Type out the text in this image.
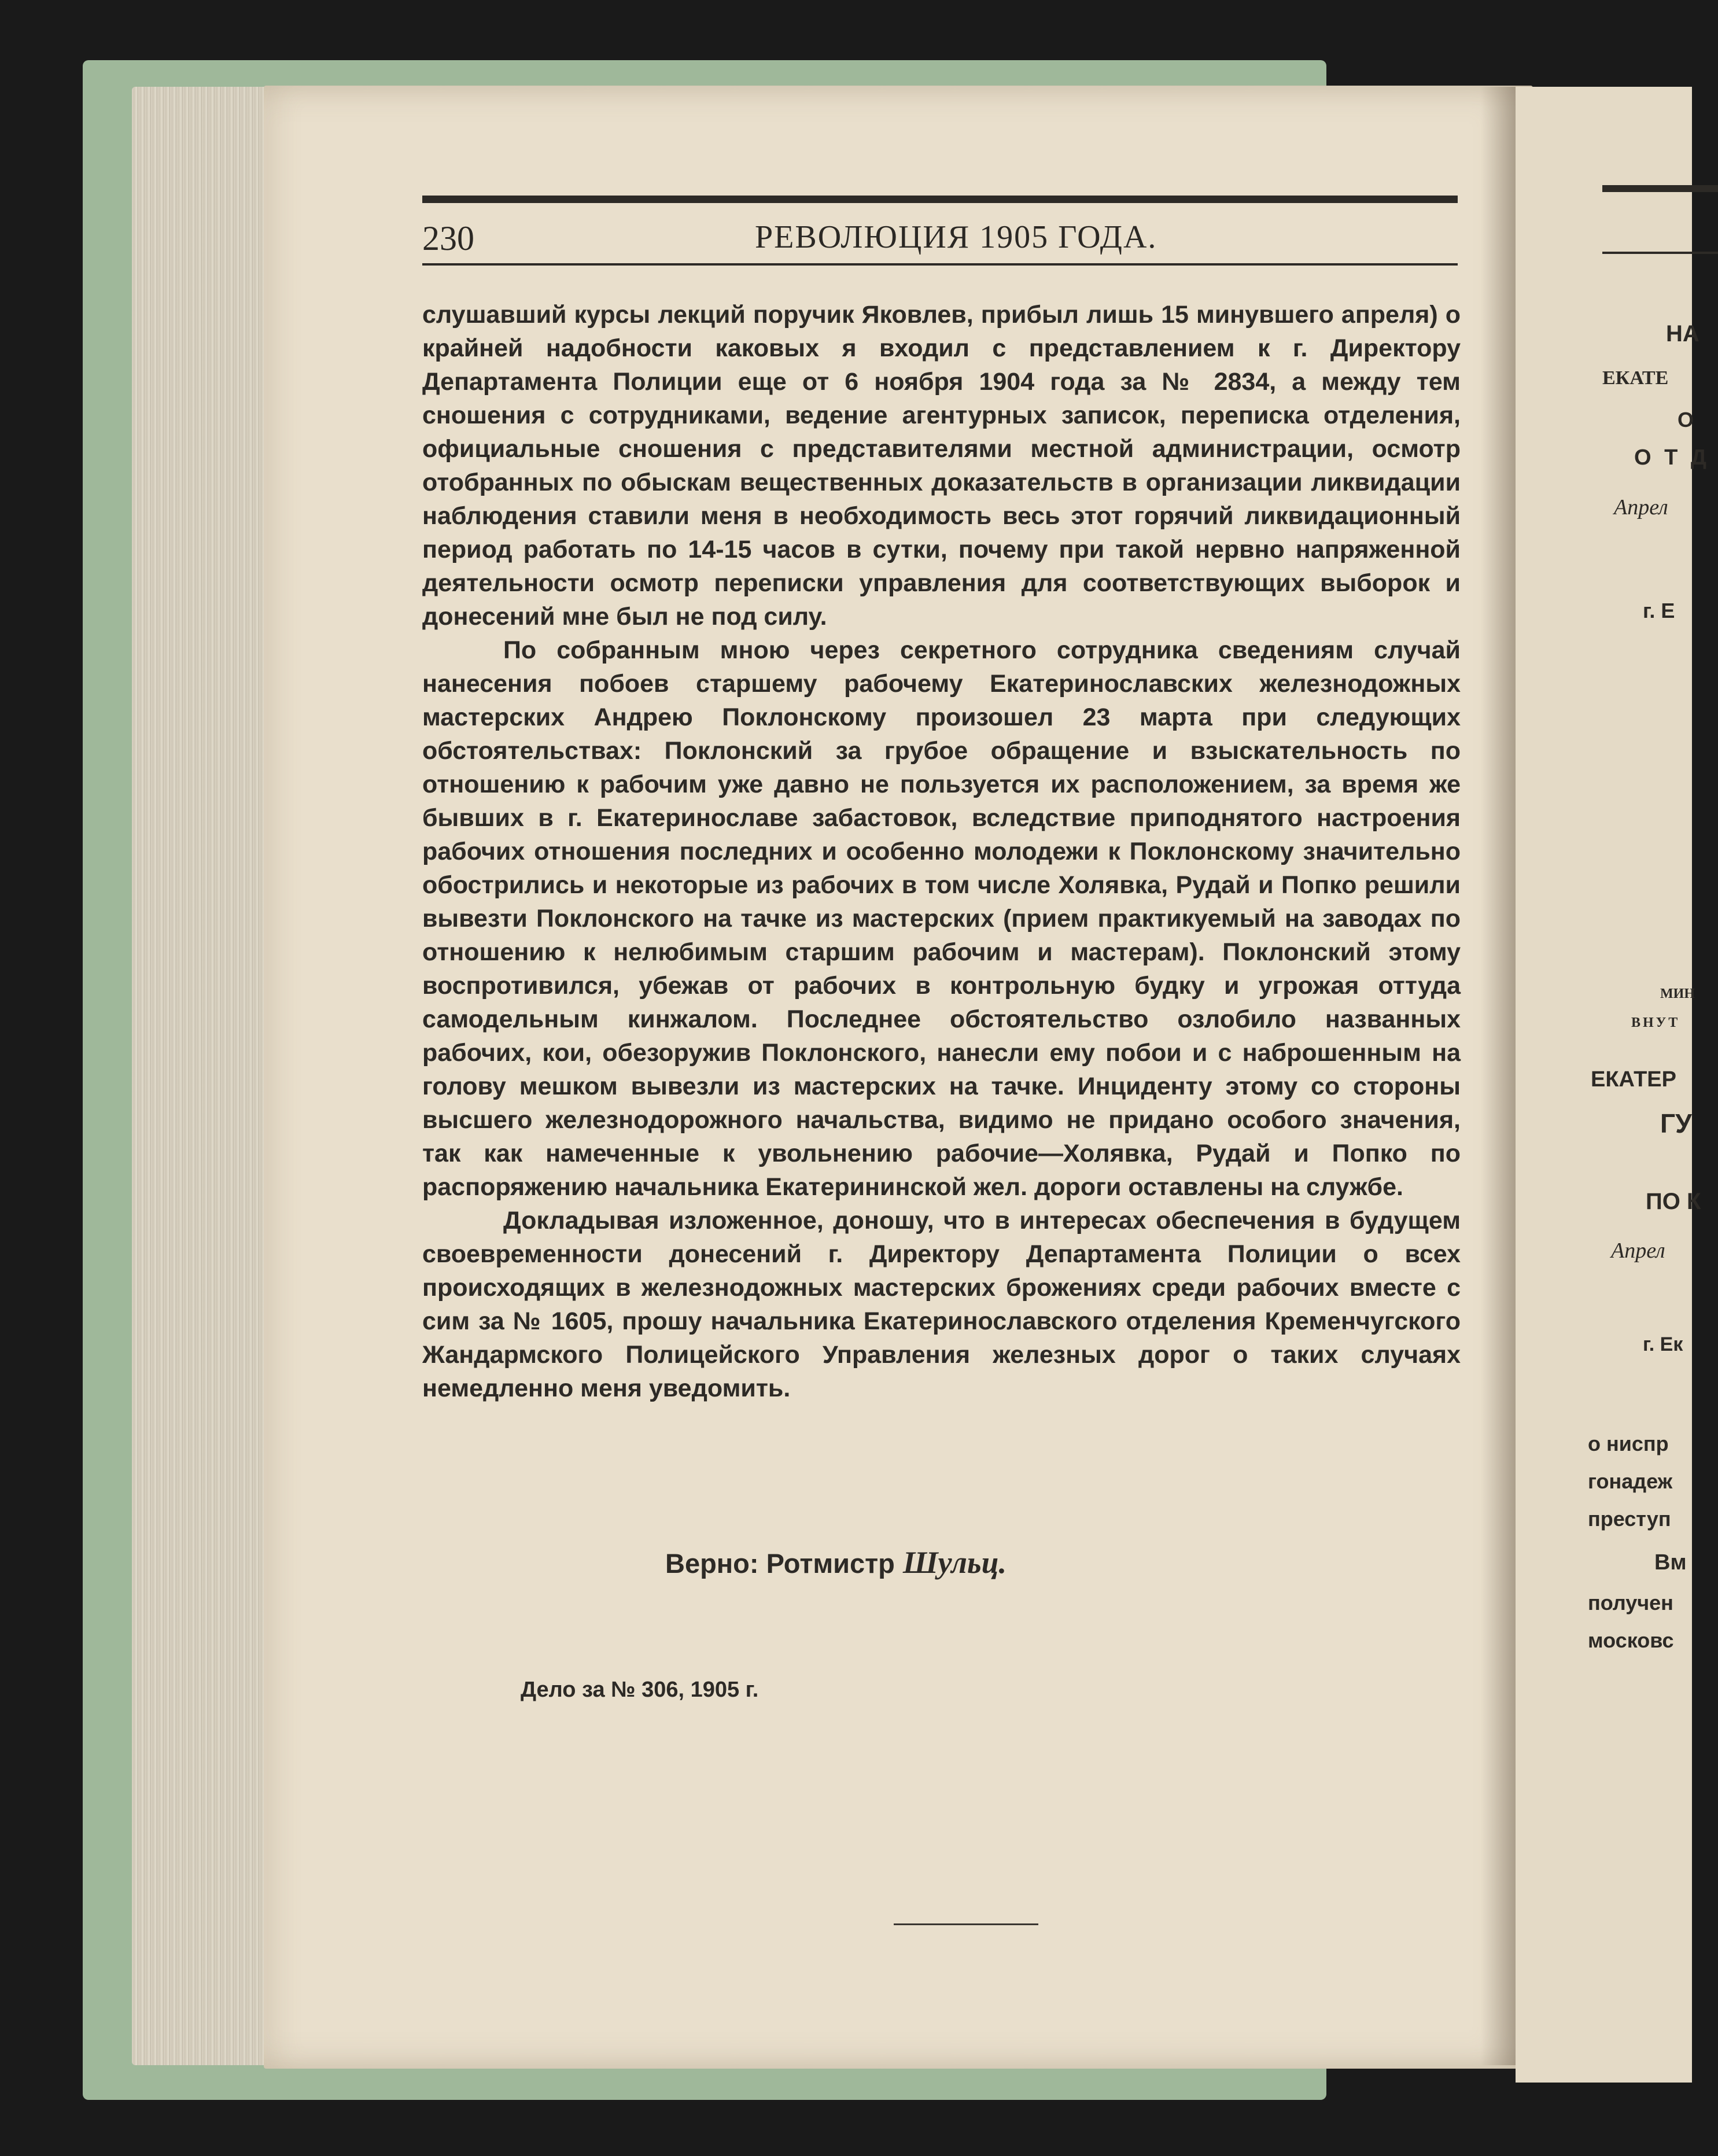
230	РЕВОЛЮЦИЯ 1905 ГОДА.

слушавший курсы лекций поручик Яковлев, прибыл лишь 15 минувшего апреля) о крайней надобности каковых я входил с представлением к г. Директору Департамента Полиции еще от 6 ноября 1904 года за № 2834, а между тем сношения с сотрудниками, ведение агентурных записок, переписка отделения, официальные сношения с представителями местной администрации, осмотр отобранных по обыскам вещественных доказательств в организации ликвидации наблюдения ставили меня в необходимость весь этот горячий ликвидационный период работать по 14-15 часов в сутки, почему при такой нервно напряженной деятельности осмотр переписки управления для соответствующих выборок и донесений мне был не под силу.

По собранным мною через секретного сотрудника сведениям случай нанесения побоев старшему рабочему Екатеринославских железнодожных мастерских Андрею Поклонскому произошел 23 марта при следующих обстоятельствах: Поклонский за грубое обращение и взыскательность по отношению к рабочим уже давно не пользуется их расположением, за время же бывших в г. Екатеринославе забастовок, вследствие приподнятого настроения рабочих отношения последних и особенно молодежи к Поклонскому значительно обострились и некоторые из рабочих в том числе Холявка, Рудай и Попко решили вывезти Поклонского на тачке из мастерских (прием практикуемый на заводах по отношению к нелюбимым старшим рабочим и мастерам). Поклонский этому воспротивился, убежав от рабочих в контрольную будку и угрожая оттуда самодельным кинжалом. Последнее обстоятельство озлобило названных рабочих, кои, обезоружив Поклонского, нанесли ему побои и с наброшенным на голову мешком вывезли из мастерских на тачке. Инциденту этому со стороны высшего железнодорожного начальства, видимо не придано особого значения, так как намеченные к увольнению рабочие—Холявка, Рудай и Попко по распоряжению начальника Екатерининской жел. дороги оставлены на службе.

Докладывая изложенное, доношу, что в интересах обеспечения в будущем своевременности донесений г. Директору Департамента Полиции о всех происходящих в железнодожных мастерских брожениях среди рабочих вместе с сим за № 1605, прошу начальника Екатеринославского отделения Кременчугского Жандармского Полицейского Управления железных дорог о таких случаях немедленно меня уведомить.

Верно: Ротмистр Шульц.
Дело за № 306, 1905 г.
НА
ЕКАТЕ
О
О Т Д
Апрел
г. Е
МИН
ВНУТ
ЕКАТЕР
ГУ
ПО К
Апрел
г. Ек
о ниспр
гонадеж
преступ
Вм
получен
московс
